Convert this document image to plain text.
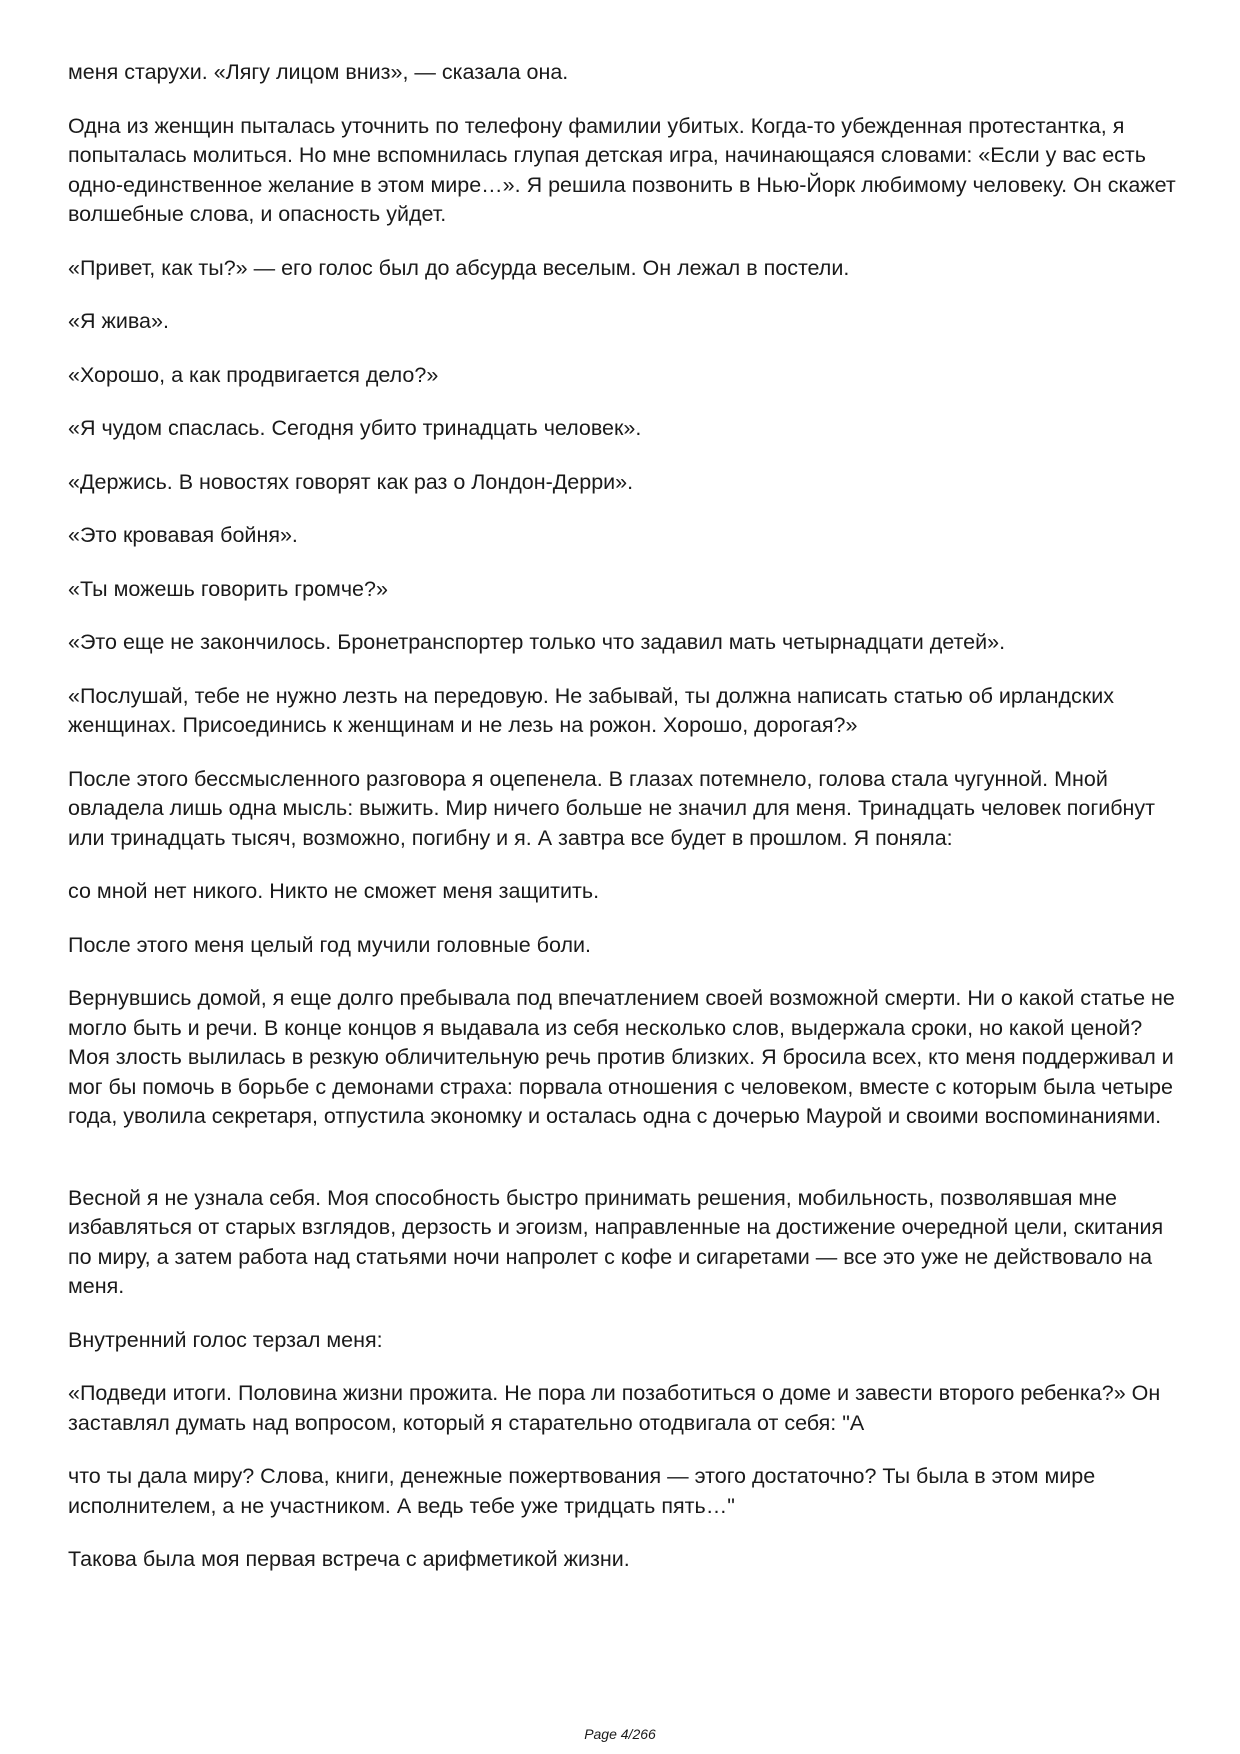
меня старухи. «Лягу лицом вниз», — сказала она.

Одна из женщин пыталась уточнить по телефону фамилии убитых. Когда-то убежденная протестантка, я попыталась молиться. Но мне вспомнилась глупая детская игра, начинающаяся словами: «Если у вас есть одно-единственное желание в этом мире…». Я решила позвонить в Нью-Йорк любимому человеку. Он скажет волшебные слова, и опасность уйдет.

«Привет, как ты?» — его голос был до абсурда веселым. Он лежал в постели.

«Я жива».

«Хорошо, а как продвигается дело?»

«Я чудом спаслась. Сегодня убито тринадцать человек».

«Держись. В новостях говорят как раз о Лондон-Дерри».

«Это кровавая бойня».

«Ты можешь говорить громче?»

«Это еще не закончилось. Бронетранспортер только что задавил мать четырнадцати детей».

«Послушай, тебе не нужно лезть на передовую. Не забывай, ты должна написать статью об ирландских женщинах. Присоединись к женщинам и не лезь на рожон. Хорошо, дорогая?»

После этого бессмысленного разговора я оцепенела. В глазах потемнело, голова стала чугунной. Мной овладела лишь одна мысль: выжить. Мир ничего больше не значил для меня. Тринадцать человек погибнут или тринадцать тысяч, возможно, погибну и я. А завтра все будет в прошлом. Я поняла:

со мной нет никого. Никто не сможет меня защитить.

После этого меня целый год мучили головные боли.

Вернувшись домой, я еще долго пребывала под впечатлением своей возможной смерти. Ни о какой статье не могло быть и речи. В конце концов я выдавала из себя несколько слов, выдержала сроки, но какой ценой? Моя злость вылилась в резкую обличительную речь против близких. Я бросила всех, кто меня поддерживал и мог бы помочь в борьбе с демонами страха: порвала отношения с человеком, вместе с которым была четыре года, уволила секретаря, отпустила экономку и осталась одна с дочерью Маурой и своими воспоминаниями.

Весной я не узнала себя. Моя способность быстро принимать решения, мобильность, позволявшая мне избавляться от старых взглядов, дерзость и эгоизм, направленные на достижение очередной цели, скитания по миру, а затем работа над статьями ночи напролет с кофе и сигаретами — все это уже не действовало на меня.

Внутренний голос терзал меня:

«Подведи итоги. Половина жизни прожита. Не пора ли позаботиться о доме и завести второго ребенка?» Он заставлял думать над вопросом, который я старательно отодвигала от себя: "А

что ты дала миру? Слова, книги, денежные пожертвования — этого достаточно? Ты была в этом мире исполнителем, а не участником. А ведь тебе уже тридцать пять…"

Такова была моя первая встреча с арифметикой жизни.

Page 4/266
